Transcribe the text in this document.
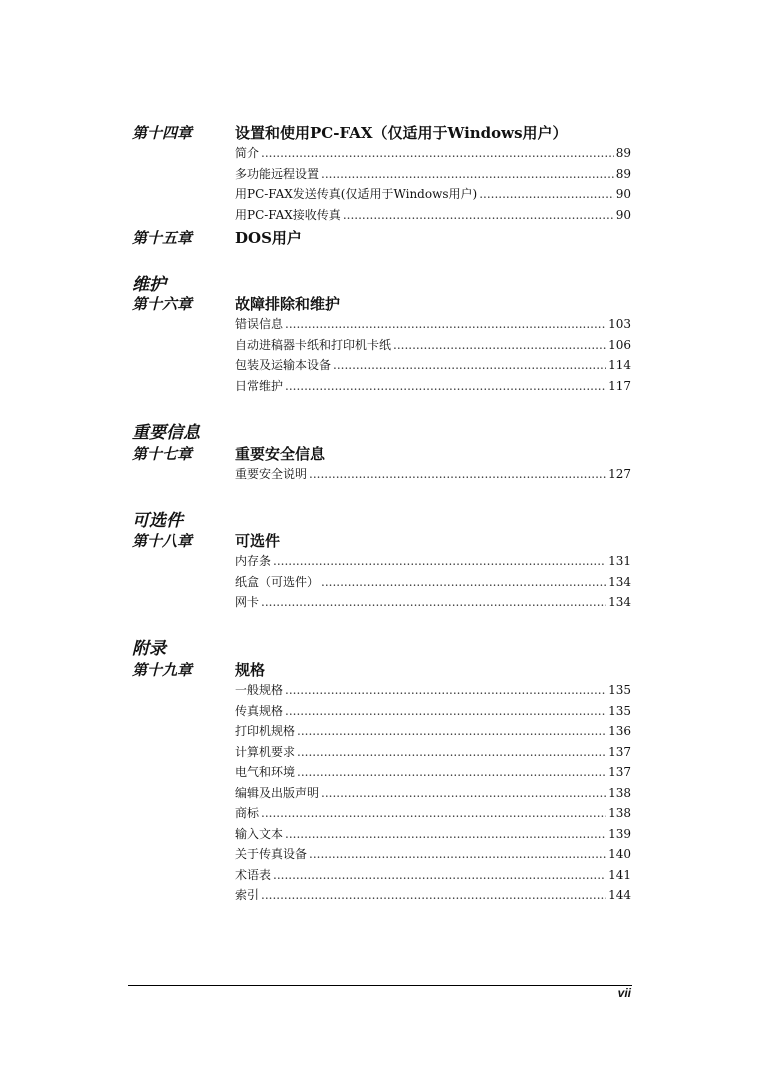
第十四章	设置和使用PC-FAX（仅适用于Windows用户）
简介 .....	89
多功能远程设置 .....	89
用PC-FAX发送传真(仅适用于Windows用户) .....	90
用PC-FAX接收传真 .....	90
第十五章	DOS用户
维护
第十六章	故障排除和维护
错误信息 .....	103
自动进稿器卡纸和打印机卡纸 .....	106
包装及运输本设备 .....	114
日常维护 .....	117
重要信息
第十七章	重要安全信息
重要安全说明 .....	127
可选件
第十八章	可选件
内存条 .....	131
纸盒（可选件） .....	134
网卡 .....	134
附录
第十九章	规格
一般规格 .....	135
传真规格 .....	135
打印机规格 .....	136
计算机要求 .....	137
电气和环境 .....	137
编辑及出版声明 .....	138
商标 .....	138
输入文本 .....	139
关于传真设备 .....	140
术语表 .....	141
索引 .....	144
vii
